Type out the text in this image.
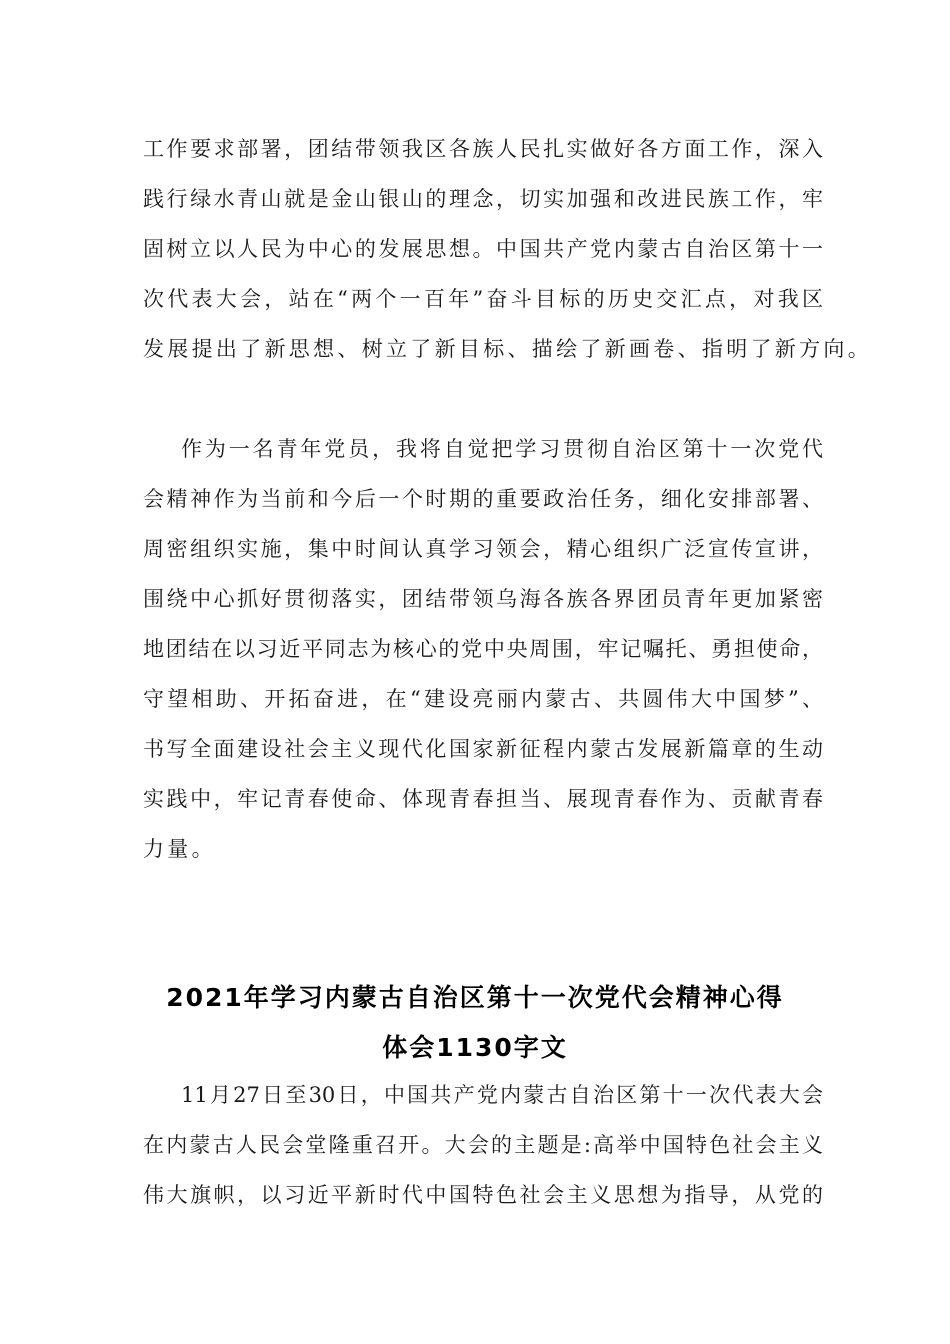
工作要求部署，团结带领我区各族人民扎实做好各方面工作，深入
践行绿水青山就是金山银山的理念，切实加强和改进民族工作，牢
固树立以人民为中心的发展思想。中国共产党内蒙古自治区第十一
次代表大会，站在“两个一百年”奋斗目标的历史交汇点，对我区
发展提出了新思想、树立了新目标、描绘了新画卷、指明了新方向。
作为一名青年党员，我将自觉把学习贯彻自治区第十一次党代
会精神作为当前和今后一个时期的重要政治任务，细化安排部署、
周密组织实施，集中时间认真学习领会，精心组织广泛宣传宣讲，
围绕中心抓好贯彻落实，团结带领乌海各族各界团员青年更加紧密
地团结在以习近平同志为核心的党中央周围，牢记嘱托、勇担使命，
守望相助、开拓奋进，在“建设亮丽内蒙古、共圆伟大中国梦”、
书写全面建设社会主义现代化国家新征程内蒙古发展新篇章的生动
实践中，牢记青春使命、体现青春担当、展现青春作为、贡献青春
力量。
2021年学习内蒙古自治区第十一次党代会精神心得
体会1130字文
11月27日至30日，中国共产党内蒙古自治区第十一次代表大会
在内蒙古人民会堂隆重召开。大会的主题是:高举中国特色社会主义
伟大旗帜，以习近平新时代中国特色社会主义思想为指导，从党的
